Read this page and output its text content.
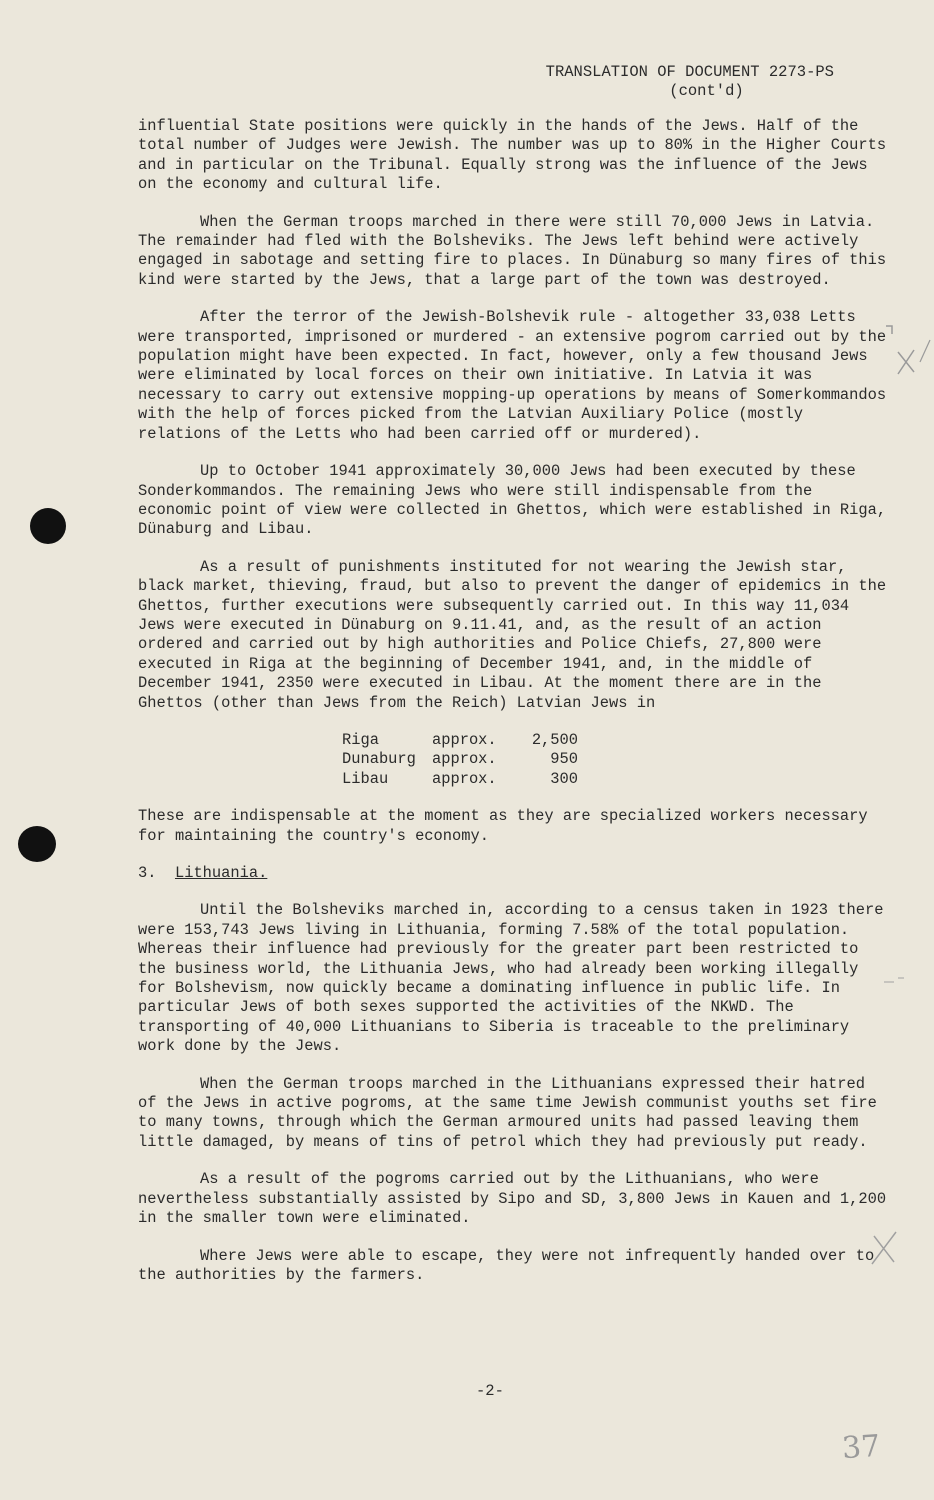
TRANSLATION OF DOCUMENT 2273-PS
(cont'd)

influential State positions were quickly in the hands of the Jews. Half of the total number of Judges were Jewish. The number was up to 80% in the Higher Courts and in particular on the Tribunal. Equally strong was the influence of the Jews on the economy and cultural life.

When the German troops marched in there were still 70,000 Jews in Latvia. The remainder had fled with the Bolsheviks. The Jews left behind were actively engaged in sabotage and setting fire to places. In Dünaburg so many fires of this kind were started by the Jews, that a large part of the town was destroyed.

After the terror of the Jewish-Bolshevik rule - altogether 33,038 Letts were transported, imprisoned or murdered - an extensive pogrom carried out by the population might have been expected. In fact, however, only a few thousand Jews were eliminated by local forces on their own initiative. In Latvia it was necessary to carry out extensive mopping-up operations by means of Somerkommandos with the help of forces picked from the Latvian Auxiliary Police (mostly relations of the Letts who had been carried off or murdered).

Up to October 1941 approximately 30,000 Jews had been executed by these Sonderkommandos. The remaining Jews who were still indispensable from the economic point of view were collected in Ghettos, which were established in Riga, Dünaburg and Libau.

As a result of punishments instituted for not wearing the Jewish star, black market, thieving, fraud, but also to prevent the danger of epidemics in the Ghettos, further executions were subsequently carried out. In this way 11,034 Jews were executed in Dünaburg on 9.11.41, and, as the result of an action ordered and carried out by high authorities and Police Chiefs, 27,800 were executed in Riga at the beginning of December 1941, and, in the middle of December 1941, 2350 were executed in Libau. At the moment there are in the Ghettos (other than Jews from the Reich) Latvian Jews in

Riga	approx.	2,500
Dunaburg	approx.	950
Libau	approx.	300

These are indispensable at the moment as they are specialized workers necessary for maintaining the country's economy.

3. Lithuania.

Until the Bolsheviks marched in, according to a census taken in 1923 there were 153,743 Jews living in Lithuania, forming 7.58% of the total population. Whereas their influence had previously for the greater part been restricted to the business world, the Lithuania Jews, who had already been working illegally for Bolshevism, now quickly became a dominating influence in public life. In particular Jews of both sexes supported the activities of the NKWD. The transporting of 40,000 Lithuanians to Siberia is traceable to the preliminary work done by the Jews.

When the German troops marched in the Lithuanians expressed their hatred of the Jews in active pogroms, at the same time Jewish communist youths set fire to many towns, through which the German armoured units had passed leaving them little damaged, by means of tins of petrol which they had previously put ready.

As a result of the pogroms carried out by the Lithuanians, who were nevertheless substantially assisted by Sipo and SD, 3,800 Jews in Kauen and 1,200 in the smaller town were eliminated.

Where Jews were able to escape, they were not infrequently handed over to the authorities by the farmers.

-2-
37
